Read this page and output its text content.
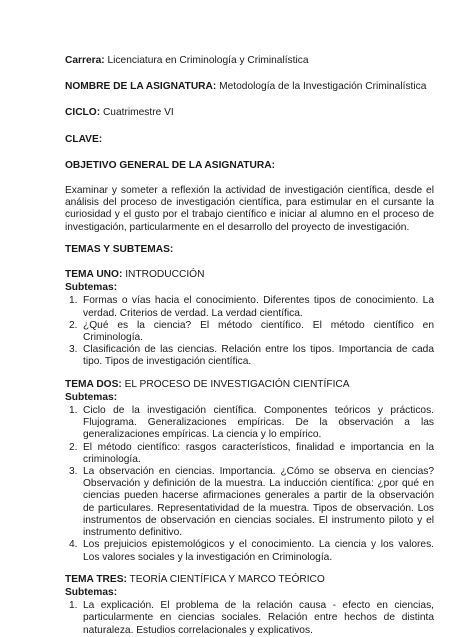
Carrera: Licenciatura en Criminología y Criminalística

NOMBRE DE LA ASIGNATURA: Metodología de la Investigación Criminalística

CICLO: Cuatrimestre VI

CLAVE:

OBJETIVO GENERAL DE LA ASIGNATURA:

Examinar y someter a reflexión la actividad de investigación científica, desde el análisis del proceso de investigación científica, para estimular en el cursante la curiosidad y el gusto por el trabajo científico e iniciar al alumno en el proceso de investigación, particularmente en el desarrollo del proyecto de investigación.

TEMAS Y SUBTEMAS:

TEMA UNO: INTRODUCCIÓN

Subtemas:

1. Formas o vías hacia el conocimiento. Diferentes tipos de conocimiento. La verdad. Criterios de verdad. La verdad científica.
2. ¿Qué es la ciencia? El método científico. El método científico en Criminología.
3. Clasificación de las ciencias. Relación entre los tipos. Importancia de cada tipo. Tipos de investigación científica.

TEMA DOS: EL PROCESO DE INVESTIGACIÓN CIENTÍFICA

Subtemas:

1. Ciclo de la investigación científica. Componentes teóricos y prácticos. Flujograma. Generalizaciones empíricas. De la observación a las generalizaciones empíricas. La ciencia y lo empírico.
2. El método científico: rasgos característicos, finalidad e importancia en la criminología.
3. La observación en ciencias. Importancia. ¿Cómo se observa en ciencias? Observación y definición de la muestra. La inducción científica: ¿por qué en ciencias pueden hacerse afirmaciones generales a partir de la observación de particulares. Representatividad de la muestra. Tipos de observación. Los instrumentos de observación en ciencias sociales. El instrumento piloto y el instrumento definitivo.
4. Los prejuicios epistemológicos y el conocimiento. La ciencia y los valores. Los valores sociales y la investigación en Criminología.

TEMA TRES: TEORÍA CIENTÍFICA Y MARCO TEÓRICO

Subtemas:

1. La explicación. El problema de la relación causa - efecto en ciencias, particularmente en ciencias sociales. Relación entre hechos de distinta naturaleza. Estudios correlacionales y explicativos.
